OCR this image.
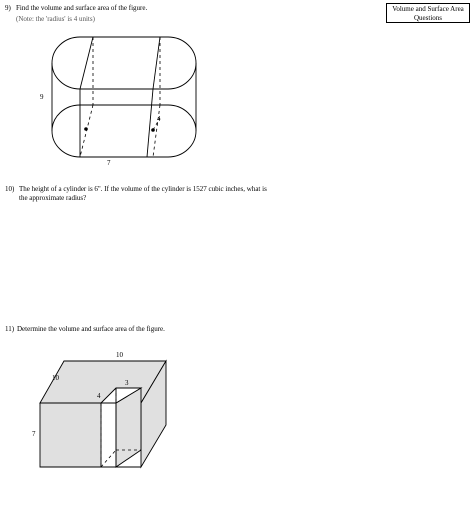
Volume and Surface Area
Questions
9) Find the volume and surface area of the figure.
(Note: the 'radius' is 4 units)
9
4
7
10) The height of a cylinder is 6". If the volume of the cylinder is 1527 cubic inches, what is
the approximate radius?
11) Determine the volume and surface area of the figure.
10
10
3
4
7
